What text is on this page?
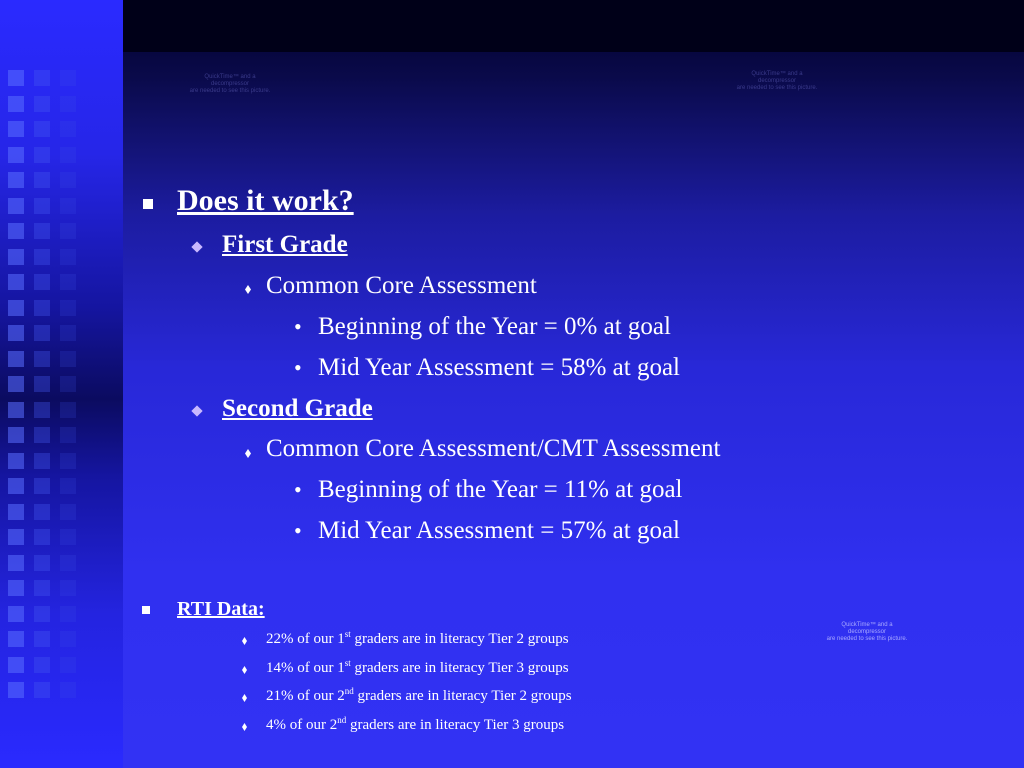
QuickTime™ and a
decompressor
are needed to see this picture.
QuickTime™ and a
decompressor
are needed to see this picture.
QuickTime™ and a
decompressor
are needed to see this picture.
Does it work?
First Grade
Common Core Assessment
• Beginning of the Year = 0% at goal
• Mid Year Assessment = 58% at goal
Second Grade
Common Core Assessment/CMT Assessment
• Beginning of the Year = 11% at goal
• Mid Year Assessment = 57% at goal
RTI Data:
22% of our 1st graders are in literacy Tier 2 groups
14% of our 1st graders are in literacy Tier 3 groups
21% of our 2nd graders are in literacy Tier 2 groups
4% of our 2nd graders are in literacy Tier 3 groups
